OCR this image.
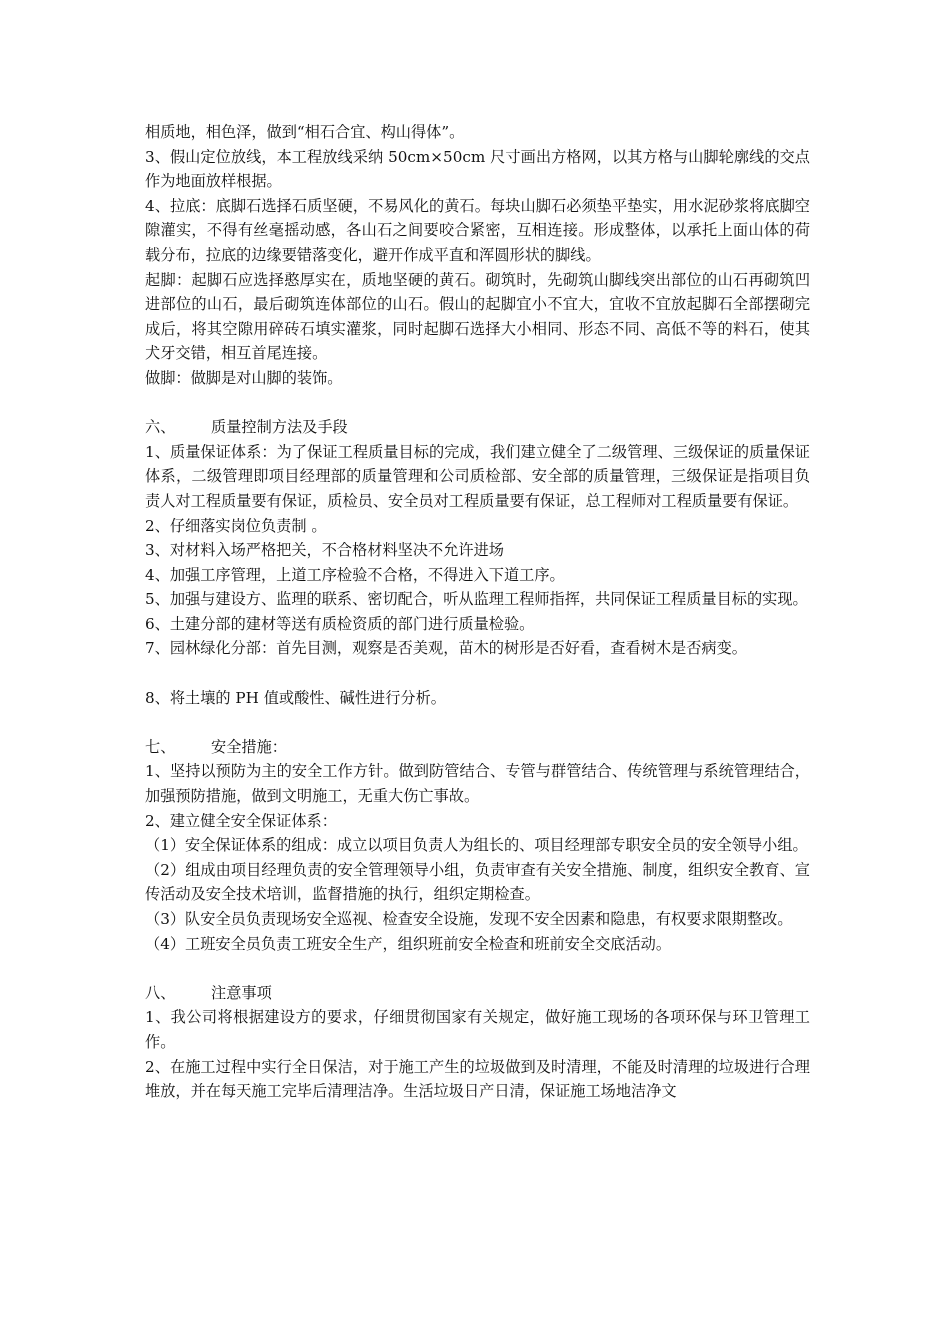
相质地，相色泽，做到“相石合宜、构山得体”。

3、假山定位放线，本工程放线采纳 50cm×50cm 尺寸画出方格网，以其方格与山脚轮廓线的交点作为地面放样根据。

4、拉底：底脚石选择石质坚硬，不易风化的黄石。每块山脚石必须垫平垫实，用水泥砂浆将底脚空隙灌实，不得有丝毫摇动感，各山石之间要咬合紧密，互相连接。形成整体，以承托上面山体的荷载分布，拉底的边缘要错落变化，避开作成平直和浑圆形状的脚线。

起脚：起脚石应选择憨厚实在，质地坚硬的黄石。砌筑时，先砌筑山脚线突出部位的山石再砌筑凹进部位的山石，最后砌筑连体部位的山石。假山的起脚宜小不宜大，宜收不宜放起脚石全部摆砌完成后，将其空隙用碎砖石填实灌浆，同时起脚石选择大小相同、形态不同、高低不等的料石，使其犬牙交错，相互首尾连接。

做脚：做脚是对山脚的装饰。

六、 质量控制方法及手段

1、质量保证体系：为了保证工程质量目标的完成，我们建立健全了二级管理、三级保证的质量保证体系，二级管理即项目经理部的质量管理和公司质检部、安全部的质量管理，三级保证是指项目负责人对工程质量要有保证，质检员、安全员对工程质量要有保证，总工程师对工程质量要有保证。

2、仔细落实岗位负责制 。

3、对材料入场严格把关，不合格材料坚决不允许进场

4、加强工序管理，上道工序检验不合格，不得进入下道工序。

5、加强与建设方、监理的联系、密切配合，听从监理工程师指挥，共同保证工程质量目标的实现。

6、土建分部的建材等送有质检资质的部门进行质量检验。

7、园林绿化分部：首先目测，观察是否美观，苗木的树形是否好看，查看树木是否病变。

8、将土壤的 PH 值或酸性、碱性进行分析。

七、 安全措施：

1、坚持以预防为主的安全工作方针。做到防管结合、专管与群管结合、传统管理与系统管理结合，加强预防措施，做到文明施工，无重大伤亡事故。

2、建立健全安全保证体系：

（1）安全保证体系的组成：成立以项目负责人为组长的、项目经理部专职安全员的安全领导小组。

（2）组成由项目经理负责的安全管理领导小组，负责审查有关安全措施、制度，组织安全教育、宣传活动及安全技术培训，监督措施的执行，组织定期检查。

（3）队安全员负责现场安全巡视、检查安全设施，发现不安全因素和隐患，有权要求限期整改。

（4）工班安全员负责工班安全生产，组织班前安全检查和班前安全交底活动。

八、 注意事项

1、我公司将根据建设方的要求，仔细贯彻国家有关规定，做好施工现场的各项环保与环卫管理工作。

2、在施工过程中实行全日保洁，对于施工产生的垃圾做到及时清理，不能及时清理的垃圾进行合理堆放，并在每天施工完毕后清理洁净。生活垃圾日产日清，保证施工场地洁净文
